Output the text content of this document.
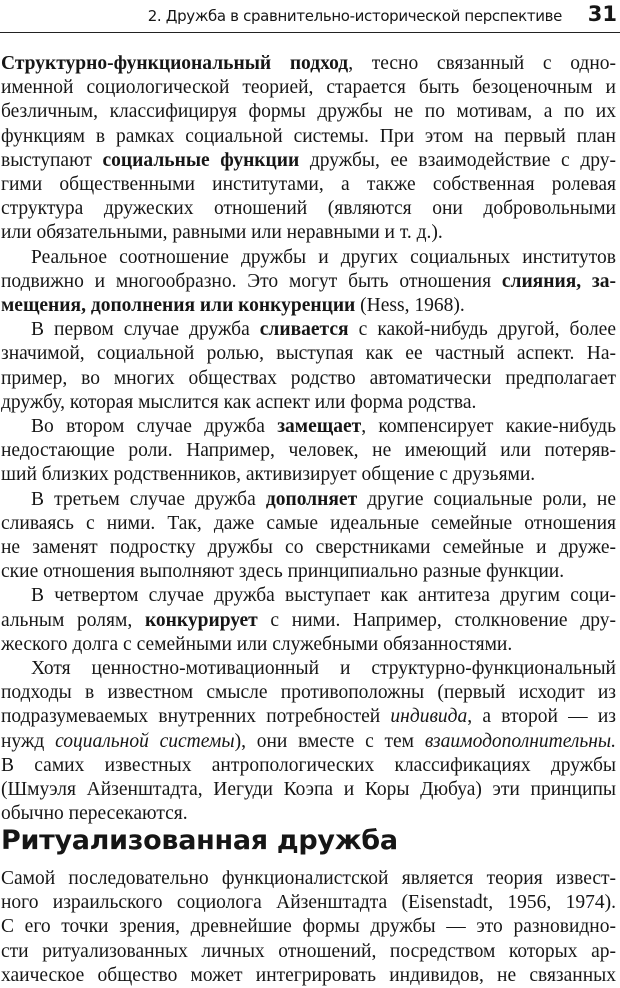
2. Дружба в сравнительно-исторической перспективе 31
Структурно-функциональный подход, тесно связанный с одно-
именной социологической теорией, старается быть безоценочным и
безличным, классифицируя формы дружбы не по мотивам, а по их
функциям в рамках социальной системы. При этом на первый план
выступают социальные функции дружбы, ее взаимодействие с дру-
гими общественными институтами, а также собственная ролевая
структура дружеских отношений (являются они добровольными
или обязательными, равными или неравными и т. д.).
Реальное соотношение дружбы и других социальных институтов
подвижно и многообразно. Это могут быть отношения слияния, за-
мещения, дополнения или конкуренции (Hess, 1968).
В первом случае дружба сливается с какой-нибудь другой, более
значимой, социальной ролью, выступая как ее частный аспект. На-
пример, во многих обществах родство автоматически предполагает
дружбу, которая мыслится как аспект или форма родства.
Во втором случае дружба замещает, компенсирует какие-нибудь
недостающие роли. Например, человек, не имеющий или потеряв-
ший близких родственников, активизирует общение с друзьями.
В третьем случае дружба дополняет другие социальные роли, не
сливаясь с ними. Так, даже самые идеальные семейные отношения
не заменят подростку дружбы со сверстниками семейные и друже-
ские отношения выполняют здесь принципиально разные функции.
В четвертом случае дружба выступает как антитеза другим соци-
альным ролям, конкурирует с ними. Например, столкновение дру-
жеского долга с семейными или служебными обязанностями.
Хотя ценностно-мотивационный и структурно-функциональный
подходы в известном смысле противоположны (первый исходит из
подразумеваемых внутренних потребностей индивида, а второй — из
нужд социальной системы), они вместе с тем взаимодополнительны.
В самих известных антропологических классификациях дружбы
(Шмуэля Айзенштадта, Иегуди Коэпа и Коры Дюбуа) эти принципы
обычно пересекаются.
Ритуализованная дружба
Самой последовательно функционалистской является теория извест-
ного израильского социолога Айзенштадта (Eisenstadt, 1956, 1974).
С его точки зрения, древнейшие формы дружбы — это разновидно-
сти ритуализованных личных отношений, посредством которых ар-
хаическое общество может интегрировать индивидов, не связанных
